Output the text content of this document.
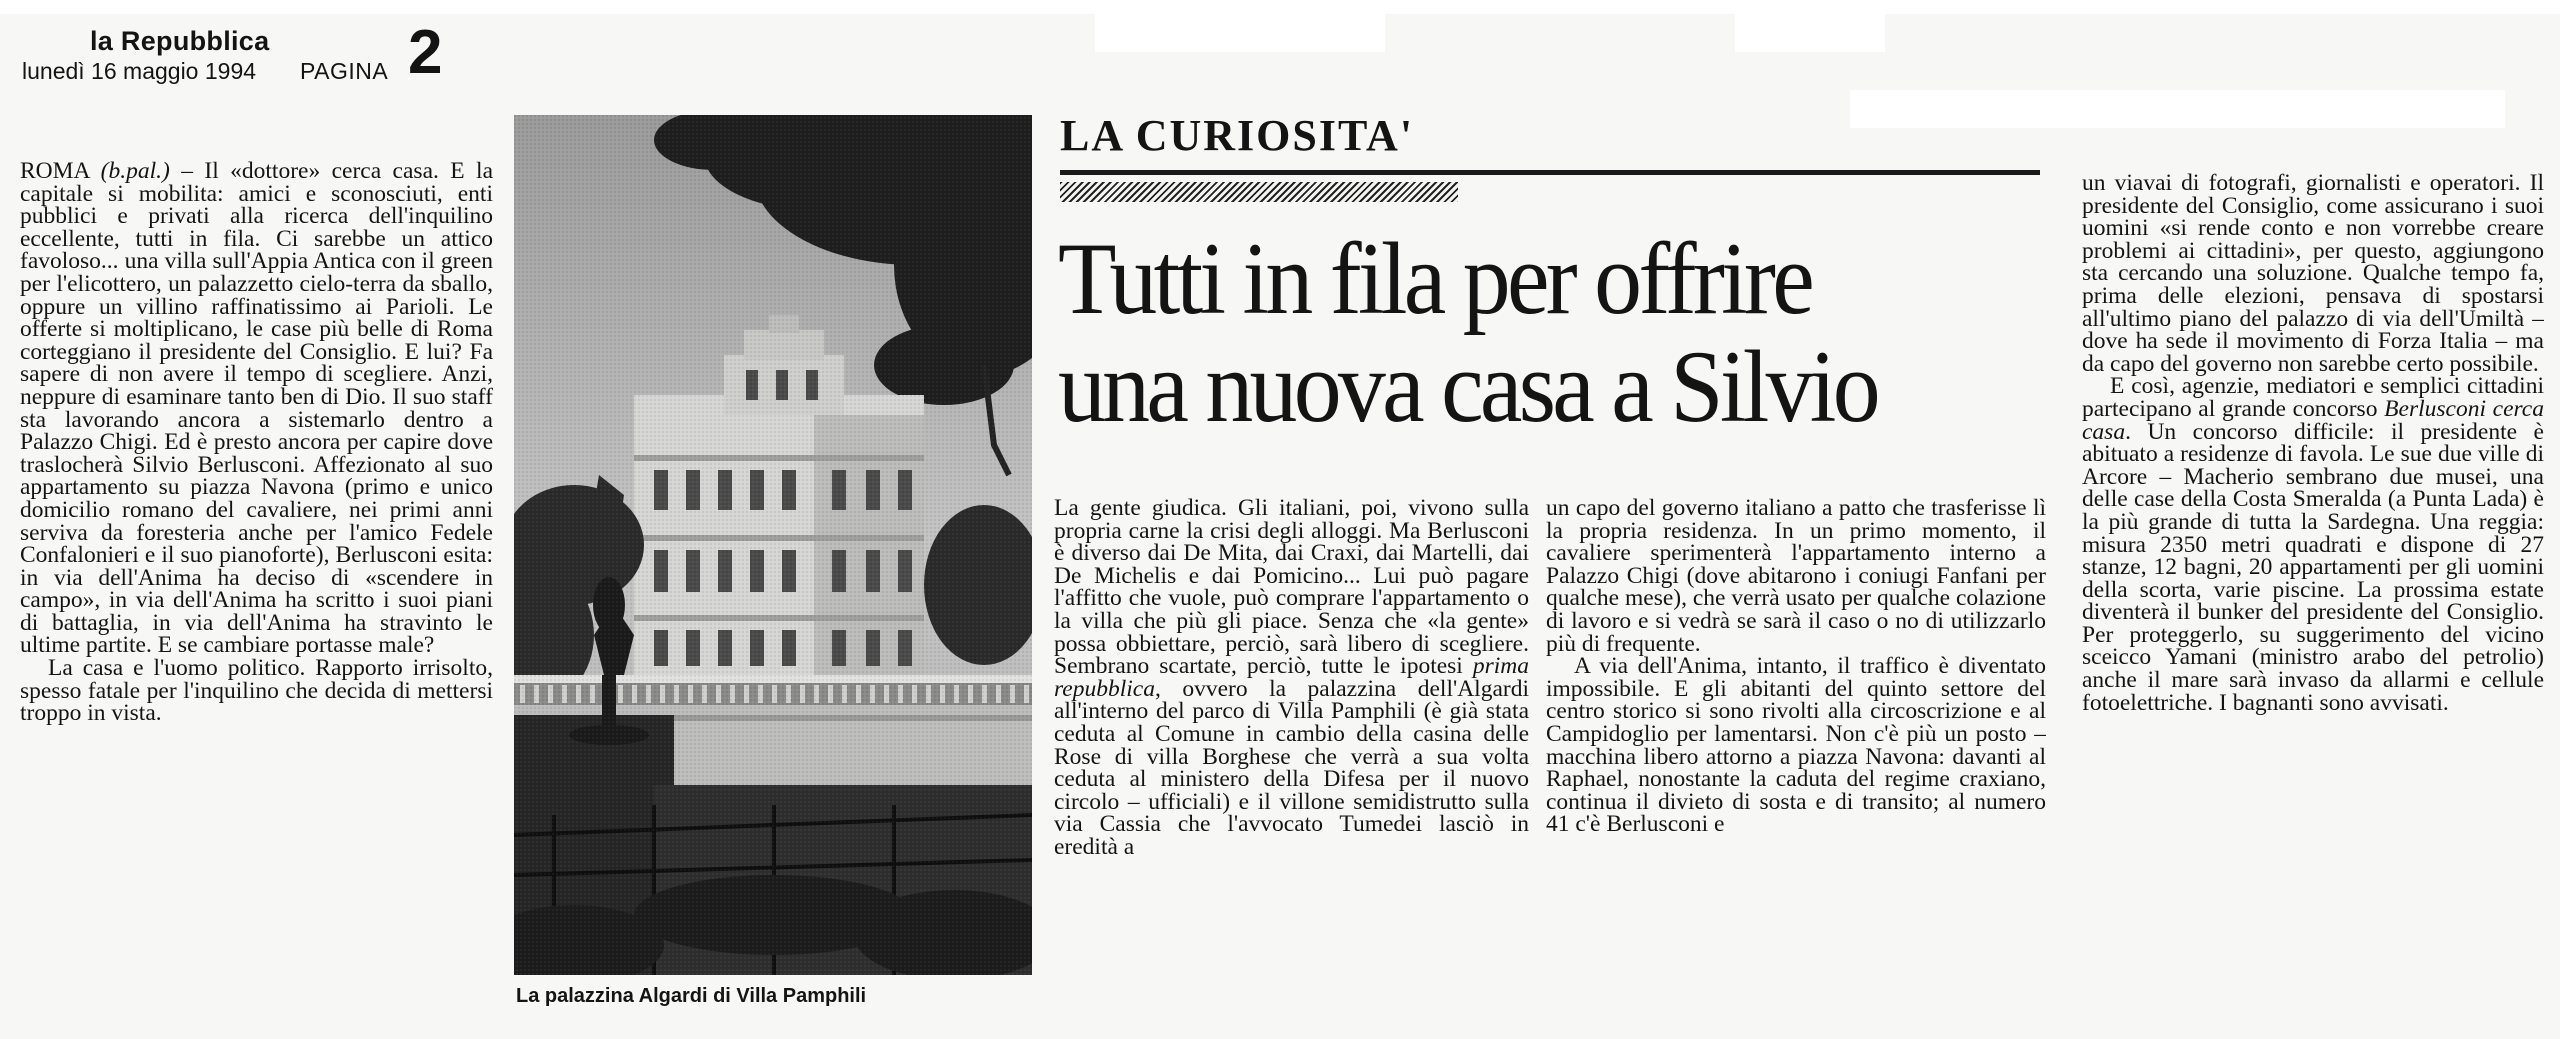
la Repubblica
lunedì 16 maggio 1994 PAGINA 2

ROMA (b.pal.) – Il «dottore» cerca casa. E la capitale si mobilita: amici e sconosciuti, enti pubblici e privati alla ricerca dell'inquilino eccellente, tutti in fila. Ci sarebbe un attico favoloso... una villa sull'Appia Antica con il green per l'elicottero, un palazzetto cielo-terra da sballo, oppure un villino raffinatissimo ai Parioli. Le offerte si moltiplicano, le case più belle di Roma corteggiano il presidente del Consiglio. E lui? Fa sapere di non avere il tempo di scegliere. Anzi, neppure di esaminare tanto ben di Dio. Il suo staff sta lavorando ancora a sistemarlo dentro a Palazzo Chigi. Ed è presto ancora per capire dove traslocherà Silvio Berlusconi. Affezionato al suo appartamento su piazza Navona (primo e unico domicilio romano del cavaliere, nei primi anni serviva da foresteria anche per l'amico Fedele Confalonieri e il suo pianoforte), Berlusconi esita: in via dell'Anima ha deciso di «scendere in campo», in via dell'Anima ha scritto i suoi piani di battaglia, in via dell'Anima ha stravinto le ultime partite. E se cambiare portasse male?

La casa e l'uomo politico. Rapporto irrisolto, spesso fatale per l'inquilino che decida di mettersi troppo in vista.

La palazzina Algardi di Villa Pamphili
LA CURIOSITA'
Tutti in fila per offrire
una nuova casa a Silvio

La gente giudica. Gli italiani, poi, vivono sulla propria carne la crisi degli alloggi. Ma Berlusconi è diverso dai De Mita, dai Craxi, dai Martelli, dai De Michelis e dai Pomicino... Lui può pagare l'affitto che vuole, può comprare l'appartamento o la villa che più gli piace. Senza che «la gente» possa obbiettare, perciò, sarà libero di scegliere. Sembrano scartate, perciò, tutte le ipotesi prima repubblica, ovvero la palazzina dell'Algardi all'interno del parco di Villa Pamphili (è già stata ceduta al Comune in cambio della casina delle Rose di villa Borghese che verrà a sua volta ceduta al ministero della Difesa per il nuovo circolo – ufficiali) e il villone semidistrutto sulla via Cassia che l'avvocato Tumedei lasciò in eredità a

un capo del governo italiano a patto che trasferisse lì la propria residenza. In un primo momento, il cavaliere sperimenterà l'appartamento interno a Palazzo Chigi (dove abitarono i coniugi Fanfani per qualche mese), che verrà usato per qualche colazione di lavoro e si vedrà se sarà il caso o no di utilizzarlo più di frequente.

A via dell'Anima, intanto, il traffico è diventato impossibile. E gli abitanti del quinto settore del centro storico si sono rivolti alla circoscrizione e al Campidoglio per lamentarsi. Non c'è più un posto – macchina libero attorno a piazza Navona: davanti al Raphael, nonostante la caduta del regime craxiano, continua il divieto di sosta e di transito; al numero 41 c'è Berlusconi e

un viavai di fotografi, giornalisti e operatori. Il presidente del Consiglio, come assicurano i suoi uomini «si rende conto e non vorrebbe creare problemi ai cittadini», per questo, aggiungono sta cercando una soluzione. Qualche tempo fa, prima delle elezioni, pensava di spostarsi all'ultimo piano del palazzo di via dell'Umiltà – dove ha sede il movimento di Forza Italia – ma da capo del governo non sarebbe certo possibile.

E così, agenzie, mediatori e semplici cittadini partecipano al grande concorso Berlusconi cerca casa. Un concorso difficile: il presidente è abituato a residenze di favola. Le sue due ville di Arcore – Macherio sembrano due musei, una delle case della Costa Smeralda (a Punta Lada) è la più grande di tutta la Sardegna. Una reggia: misura 2350 metri quadrati e dispone di 27 stanze, 12 bagni, 20 appartamenti per gli uomini della scorta, varie piscine. La prossima estate diventerà il bunker del presidente del Consiglio. Per proteggerlo, su suggerimento del vicino sceicco Yamani (ministro arabo del petrolio) anche il mare sarà invaso da allarmi e cellule fotoelettriche. I bagnanti sono avvisati.
